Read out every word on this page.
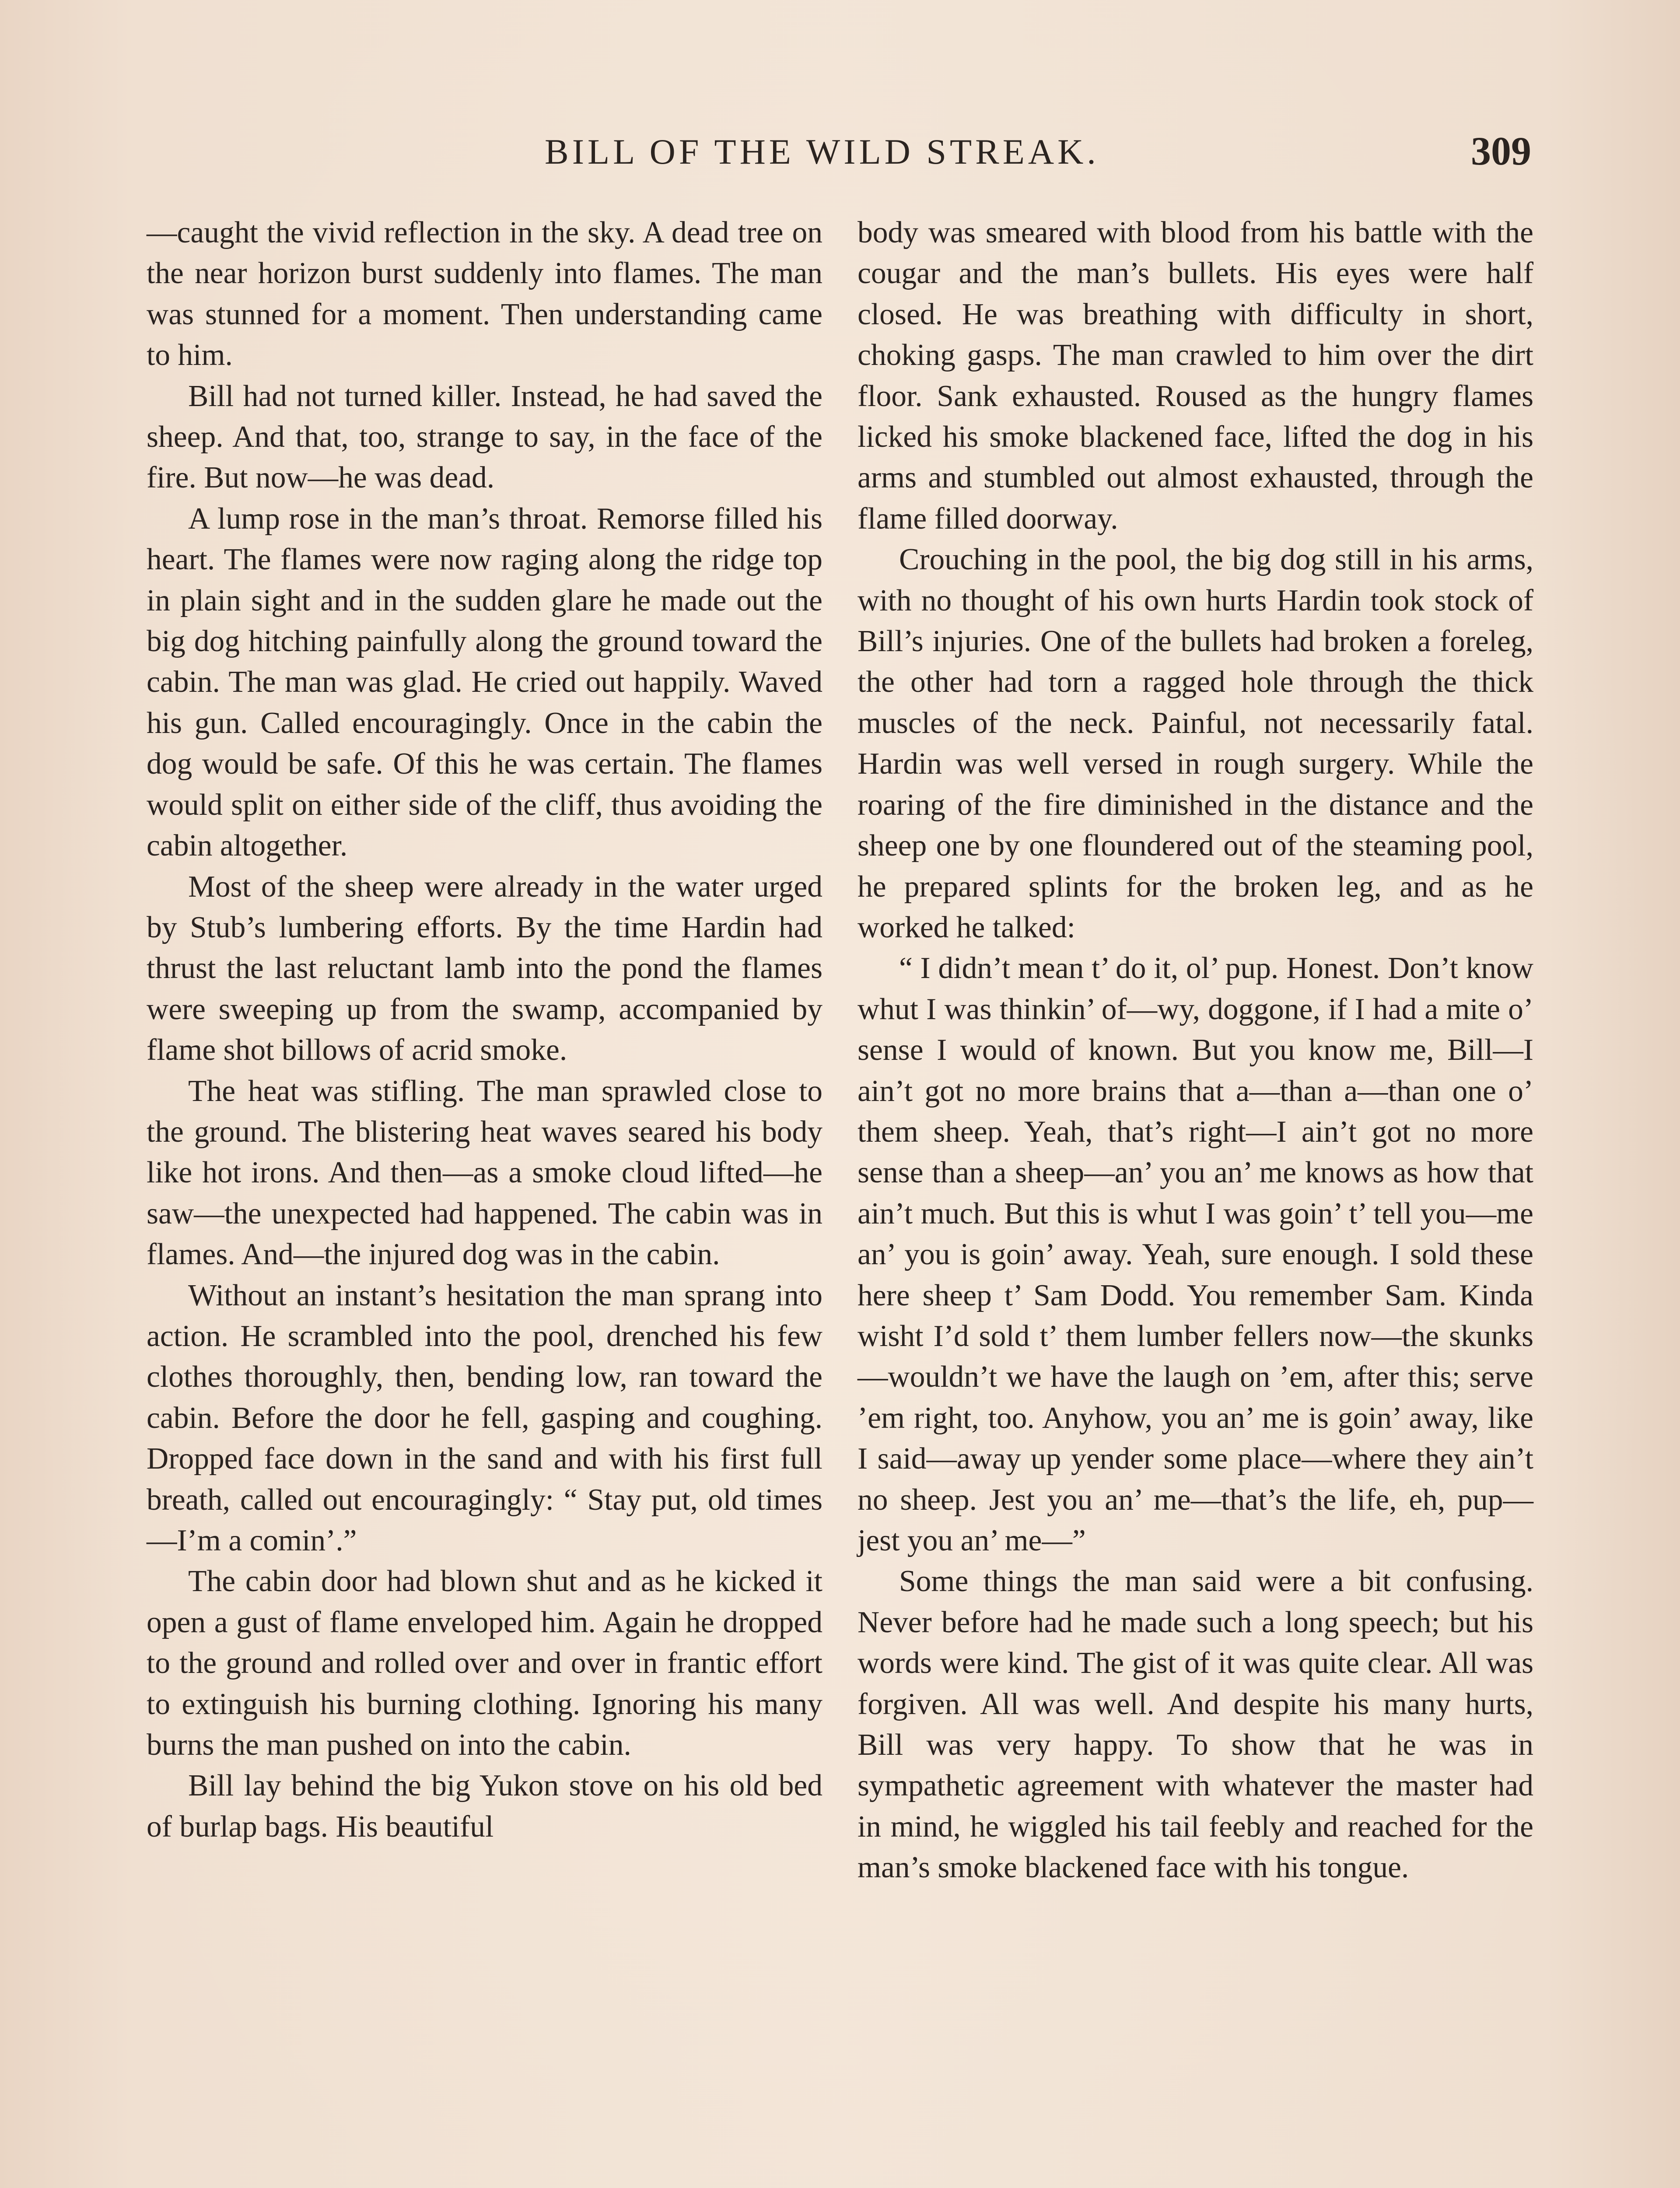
BILL OF THE WILD STREAK.	309

—caught the vivid reflection in the sky. A dead tree on the near horizon burst suddenly into flames. The man was stunned for a moment. Then understanding came to him.

Bill had not turned killer. Instead, he had saved the sheep. And that, too, strange to say, in the face of the fire. But now—he was dead.

A lump rose in the man’s throat. Remorse filled his heart. The flames were now raging along the ridge top in plain sight and in the sudden glare he made out the big dog hitching painfully along the ground toward the cabin. The man was glad. He cried out happily. Waved his gun. Called encouragingly. Once in the cabin the dog would be safe. Of this he was certain. The flames would split on either side of the cliff, thus avoiding the cabin altogether.

Most of the sheep were already in the water urged by Stub’s lumbering efforts. By the time Hardin had thrust the last reluctant lamb into the pond the flames were sweeping up from the swamp, accompanied by flame shot billows of acrid smoke.

The heat was stifling. The man sprawled close to the ground. The blistering heat waves seared his body like hot irons. And then—as a smoke cloud lifted—he saw—the unexpected had happened. The cabin was in flames. And—the injured dog was in the cabin.

Without an instant’s hesitation the man sprang into action. He scrambled into the pool, drenched his few clothes thoroughly, then, bending low, ran toward the cabin. Before the door he fell, gasping and coughing. Dropped face down in the sand and with his first full breath, called out encouragingly: “ Stay put, old times—I’m a comin’.”

The cabin door had blown shut and as he kicked it open a gust of flame enveloped him. Again he dropped to the ground and rolled over and over in frantic effort to extinguish his burning clothing. Ignoring his many burns the man pushed on into the cabin.

Bill lay behind the big Yukon stove on his old bed of burlap bags. His beautiful

body was smeared with blood from his battle with the cougar and the man’s bullets. His eyes were half closed. He was breathing with difficulty in short, choking gasps. The man crawled to him over the dirt floor. Sank exhausted. Roused as the hungry flames licked his smoke blackened face, lifted the dog in his arms and stumbled out almost exhausted, through the flame filled doorway.

Crouching in the pool, the big dog still in his arms, with no thought of his own hurts Hardin took stock of Bill’s injuries. One of the bullets had broken a foreleg, the other had torn a ragged hole through the thick muscles of the neck. Painful, not necessarily fatal. Hardin was well versed in rough surgery. While the roaring of the fire diminished in the distance and the sheep one by one floundered out of the steaming pool, he prepared splints for the broken leg, and as he worked he talked:

“ I didn’t mean t’ do it, ol’ pup. Honest. Don’t know whut I was thinkin’ of—wy, doggone, if I had a mite o’ sense I would of known. But you know me, Bill—I ain’t got no more brains that a—than a—than one o’ them sheep. Yeah, that’s right—I ain’t got no more sense than a sheep—an’ you an’ me knows as how that ain’t much. But this is whut I was goin’ t’ tell you—me an’ you is goin’ away. Yeah, sure enough. I sold these here sheep t’ Sam Dodd. You remember Sam. Kinda wisht I’d sold t’ them lumber fellers now—the skunks—wouldn’t we have the laugh on ’em, after this; serve ’em right, too. Anyhow, you an’ me is goin’ away, like I said—away up yender some place—where they ain’t no sheep. Jest you an’ me—that’s the life, eh, pup—jest you an’ me—”

Some things the man said were a bit confusing. Never before had he made such a long speech; but his words were kind. The gist of it was quite clear. All was forgiven. All was well. And despite his many hurts, Bill was very happy. To show that he was in sympathetic agreement with whatever the master had in mind, he wiggled his tail feebly and reached for the man’s smoke blackened face with his tongue.
